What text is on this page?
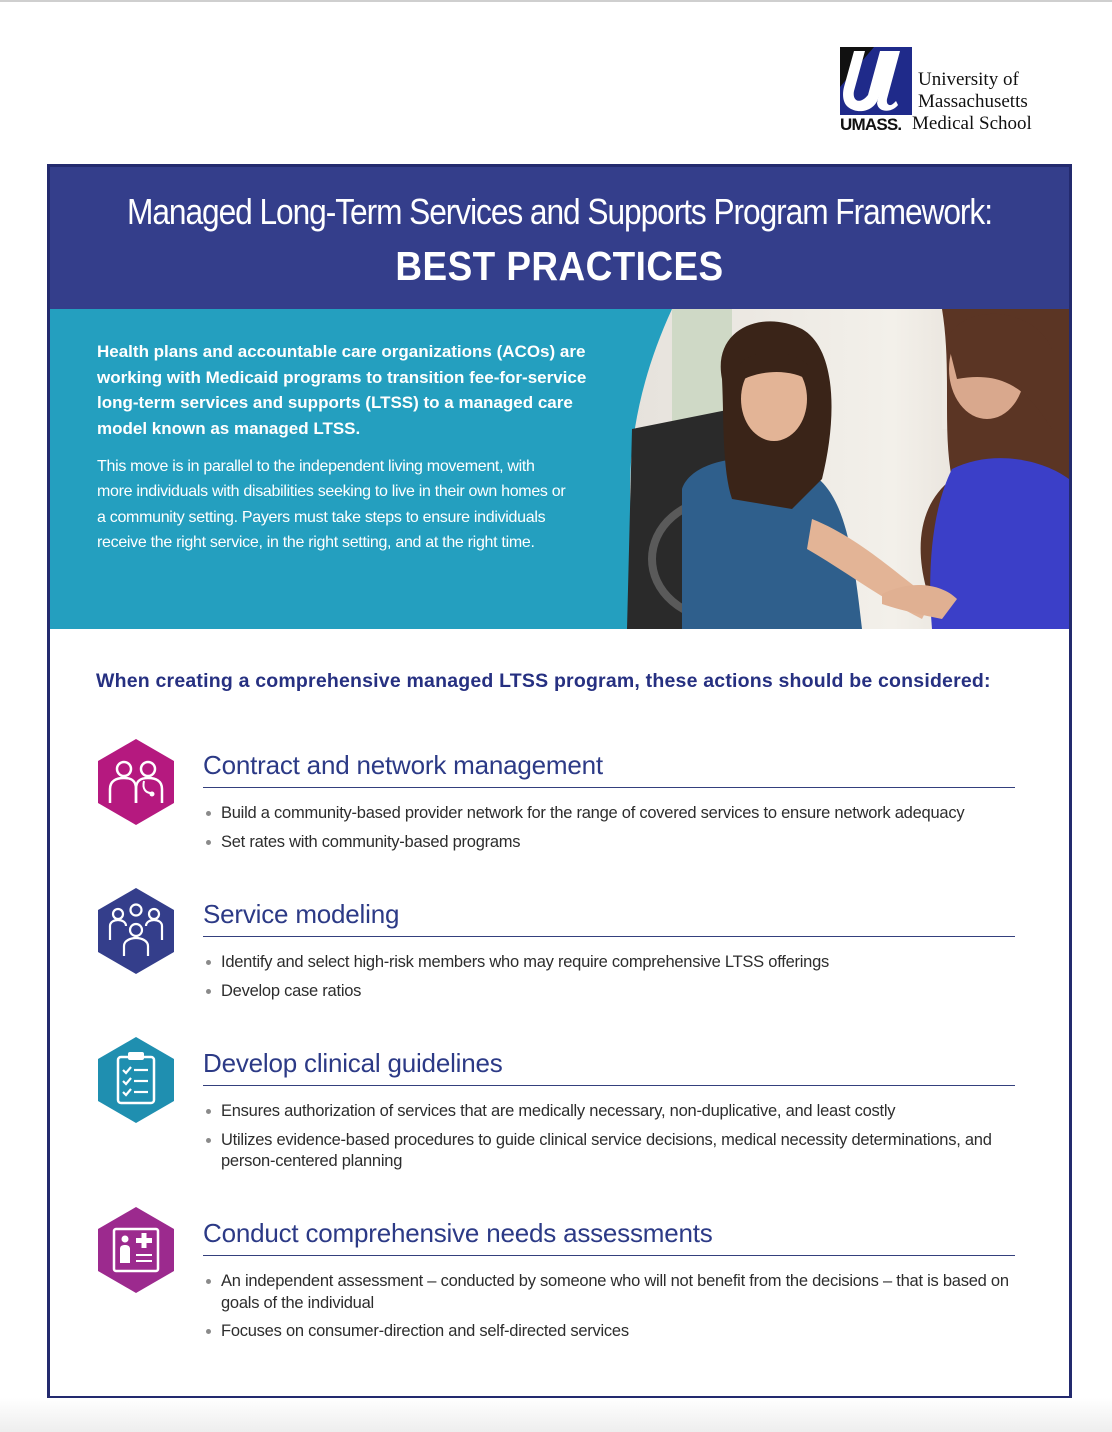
UMASS.
University of
Massachusetts
Medical School
Managed Long-Term Services and Supports Program Framework:
BEST PRACTICES

Health plans and accountable care organizations (ACOs) are working with Medicaid programs to transition fee-for-service long-term services and supports (LTSS) to a managed care model known as managed LTSS.

This move is in parallel to the independent living movement, with more individuals with disabilities seeking to live in their own homes or a community setting. Payers must take steps to ensure individuals receive the right service, in the right setting, and at the right time.

When creating a comprehensive managed LTSS program, these actions should be considered:
Contract and network management
Build a community-based provider network for the range of covered services to ensure network adequacy
Set rates with community-based programs
Service modeling
Identify and select high-risk members who may require comprehensive LTSS offerings
Develop case ratios
Develop clinical guidelines
Ensures authorization of services that are medically necessary, non-duplicative, and least costly
Utilizes evidence-based procedures to guide clinical service decisions, medical necessity determinations, and person-centered planning
Conduct comprehensive needs assessments
An independent assessment – conducted by someone who will not benefit from the decisions – that is based on goals of the individual
Focuses on consumer-direction and self-directed services
